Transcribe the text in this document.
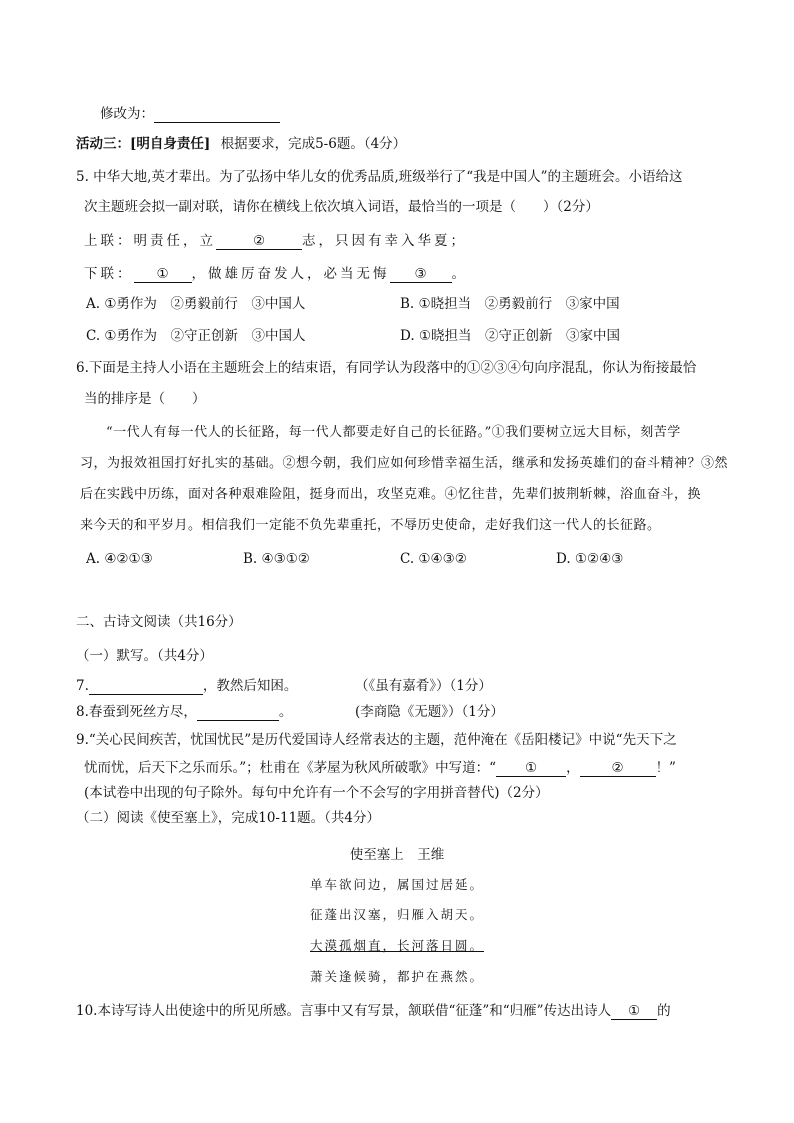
修改为：
活动三：[明自身责任] 根据要求，完成5-6题。（4分）
5. 中华大地,英才辈出。为了弘扬中华儿女的优秀品质,班级举行了“我是中国人”的主题班会。小语给这
次主题班会拟一副对联，请你在横线上依次填入词语，最恰当的一项是（　　）（2分）
上联：明责任，立	②	志，只因有幸入华夏；
下联： ① ，做雄厉奋发人，必当无悔 ③ 。
A. ①勇作为　②勇毅前行　③中国人	B. ①晓担当　②勇毅前行　③家中国
C. ①勇作为　②守正创新　③中国人	D. ①晓担当　②守正创新　③家中国
6.下面是主持人小语在主题班会上的结束语，有同学认为段落中的①②③④句向序混乱，你认为衔接最恰
当的排序是（　　）
“一代人有每一代人的长征路，每一代人都要走好自己的长征路。”①我们要树立远大目标，刻苦学
习，为报效祖国打好扎实的基础。②想今朝，我们应如何珍惜幸福生活，继承和发扬英雄们的奋斗精神？③然
后在实践中历练，面对各种艰难险阻，挺身而出，攻坚克难。④忆往昔，先辈们披荆斩棘，浴血奋斗，换
来今天的和平岁月。相信我们一定能不负先辈重托，不辱历史使命，走好我们这一代人的长征路。
A. ④②①③	B. ④③①②	C. ①④③②	D. ①②④③
二、古诗文阅读（共16分）
（一）默写。（共4分）
7.	，教然后知困。	（《虽有嘉肴》）（1分）
8.春蚕到死丝方尽，	。	(李商隐《无题》）（1分）
9.“关心民间疾苦，忧国忧民”是历代爱国诗人经常表达的主题，范仲淹在《岳阳楼记》中说“先天下之
忧而忧，后天下之乐而乐。”；杜甫在《茅屋为秋风所破歌》中写道：“ ① ， ② ！”
(本试卷中出现的句子除外。每句中允许有一个不会写的字用拼音替代)（2分）
（二）阅读《使至塞上》，完成10-11题。（共4分）
使至塞上　王维
单车欲问边，属国过居延。
征蓬出汉塞，归雁入胡天。
大漠孤烟直，长河落日圆。
萧关逢候骑，都护在燕然。
10.本诗写诗人出使途中的所见所感。言事中又有写景，颔联借“征蓬”和“归雁”传达出诗人 ① 的
